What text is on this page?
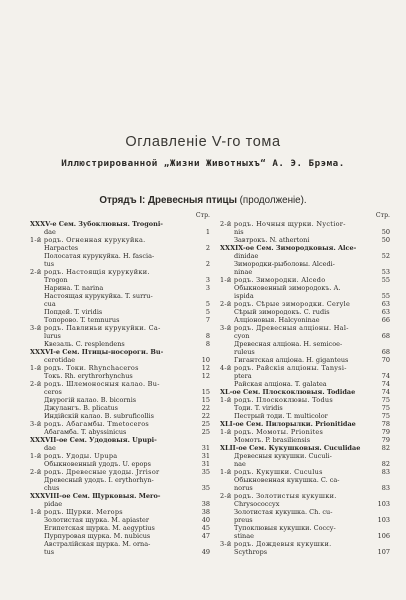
Оглавленіе V-го тома
Иллюстрированной „Жизни Животныхъ“ А. Э. Брэма.
Отрядъ I: Древесныя птицы (продолженіе).
Стр.
XXXV-е Сем. Зубоклювыя. Trogoni-
dae	1
1-й родъ. Огненная курукуйка.
Harpactes	2
Полосатая курукуйка. H. fascia-
tus	2
2-й родъ. Настоящія курукуйки.
Trogon	3
Нарина. T. narina	3
Настоящая курукуйка. T. surru-
cua	5
Попдей. T. viridis	5
Топорово. T. temnurus	7
3-й родъ. Павлиньи курукуйки. Ca-
lurus	8
Квезаль. C. resplendens	8
XXXVI-е Сем. Птицы-носороги. Bu-
cerotidae	10
1-й родъ. Токи. Rhynchaceros	12
Токъ. Rh. erythrorhynchus	12
2-й родъ. Шлемоносныя калао. Bu-
ceros	15
Двурогій калао. B. bicornis	15
Джулангъ. B. plicatus	22
Индійскій калао. B. subruficollis	22
3-й родъ. Абагамбы. Tmetoceros	25
Абагамба. T. abyssinicus	25
XXXVII-ое Сем. Удодовыя. Upupi-
dae	31
1-й родъ. Удоды. Upupa	31
Обыкновенный удодъ. U. epops	31
2-й родъ. Древесные удоды. Jrrisor	35
Древесный удодъ. I. erythorhyn-
chus	35
XXXVIII-ое Сем. Щурковыя. Mero-
pidae	38
1-й родъ. Щурки. Merops	38
Золотистая щурка. M. apiaster	40
Египетская щурка. M. aegyptius	45
Пурпуровая щурка. M. nubicus	47
Австралійская щурка. M. orna-
tus	49
Стр.
2-й родъ. Ночныя щурки. Nyctior-
nis	50
Завтрокъ. N. athertoni	50
XXXIX-ое Сем. Зимородковыя. Alce-
dinidae	52
Зимородки-рыболовы. Alcedi-
ninae	53
1-й родъ. Зимородки. Alcedo	55
Обыкновенный зимородокъ. A.
ispida	55
2-й родъ. Сѣрые зимородки. Ceryle	63
Сѣрый зимородокъ. C. rudis	63
Алціоновыя. Halcyoninae	66
3-й родъ. Древесныя алціоны. Hal-
cyon	68
Древесная алціона. H. semicoe-
ruleus	68
Гигантская алціона. H. giganteus	70
4-й родъ. Райскія алціоны. Tanysi-
ptera	74
Райская алціона. T. galatea	74
XL-ое Сем. Плоскоклювыя. Todidae	74
1-й родъ. Плоскоклювы. Todus	75
Тоди. T. viridis	75
Пестрый тоди. T. multicolor	75
XLI-ое Сем. Пилорылки. Prionitidae	78
1-й родъ. Момоты. Prionites	79
Момотъ. P. brasiliensis	79
XLII-ое Сем. Кукушковыя. Cuculidae	82
Древесныя кукушки. Cuculi-
nae	82
1-й родъ. Кукушки. Cuculus	83
Обыкновенная кукушка. C. ca-
norus	83
2-й родъ. Золотистыя кукушки.
Chrysococcyx	103
Золотистая кукушка. Ch. cu-
preus	103
Тупоклювыя кукушки. Coccy-
stinae	106
3-й родъ. Дождевыя кукушки.
Scythrops	107
